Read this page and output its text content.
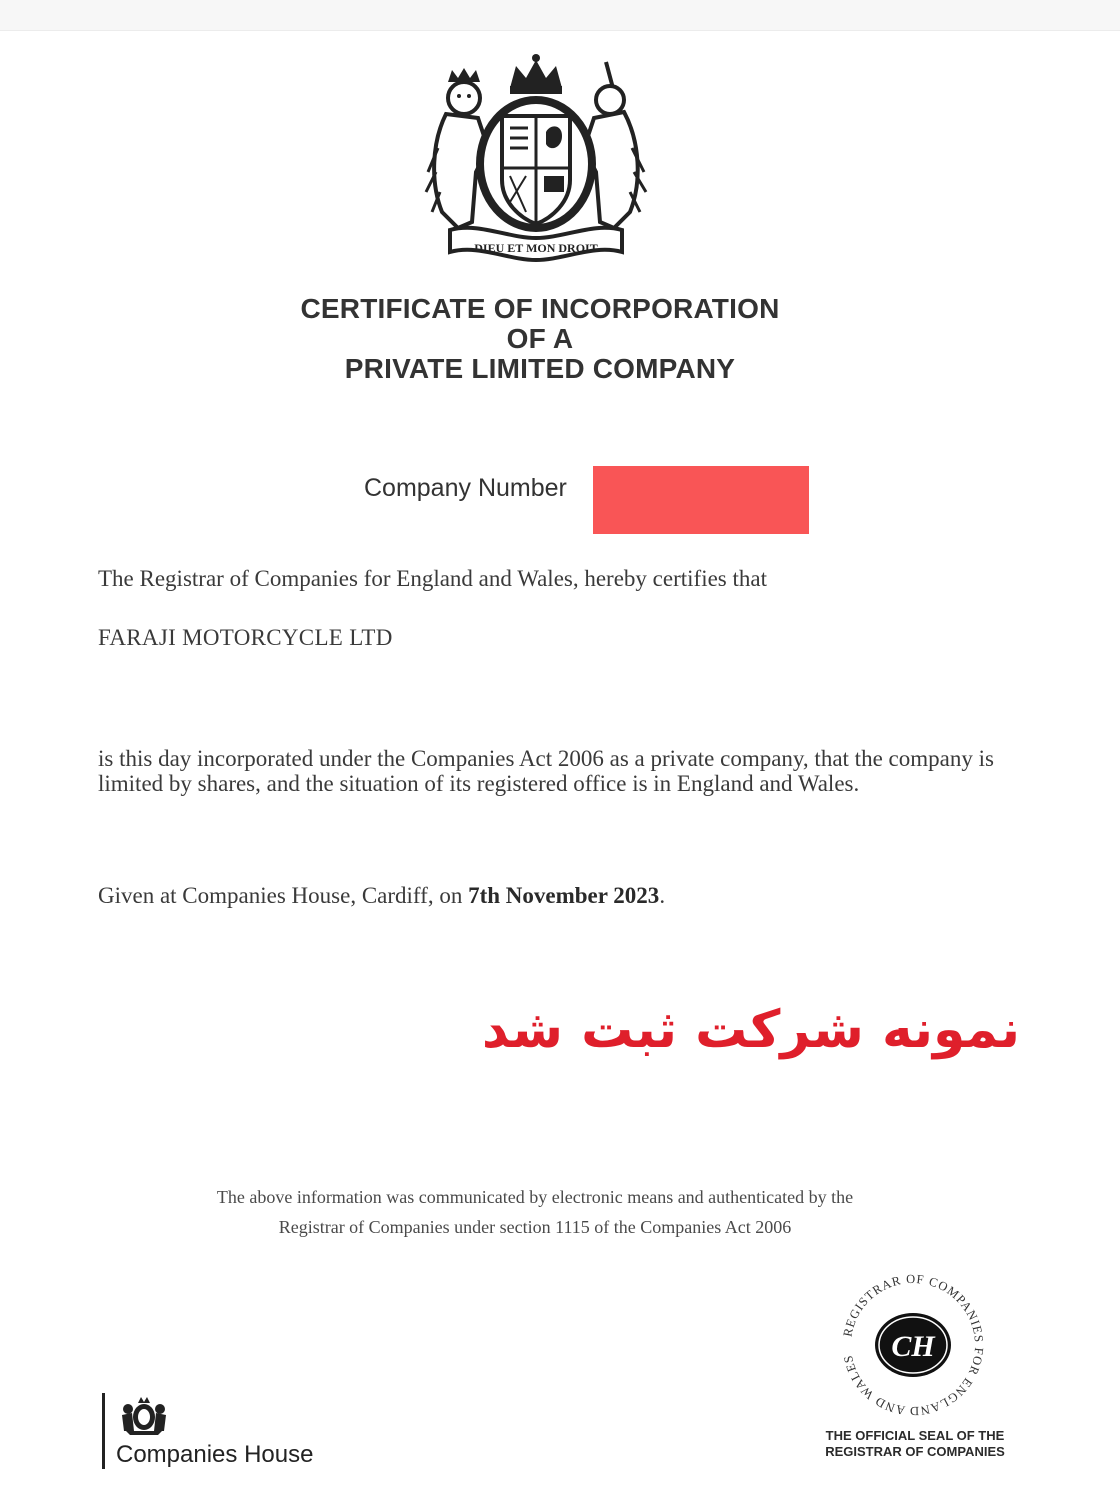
DIEU ET MON DROIT
CERTIFICATE OF INCORPORATION
OF A
PRIVATE LIMITED COMPANY
Company Number
The Registrar of Companies for England and Wales, hereby certifies that
FARAJI MOTORCYCLE LTD
is this day incorporated under the Companies Act 2006 as a private company, that the company is limited by shares, and the situation of its registered office is in England and Wales.
Given at Companies House, Cardiff, on 7th November 2023.
نمونه شرکت ثبت شد
The above information was communicated by electronic means and authenticated by the
Registrar of Companies under section 1115 of the Companies Act 2006
REGISTRAR OF COMPANIES FOR ENGLAND AND WALES	CH
THE OFFICIAL SEAL OF THE
REGISTRAR OF COMPANIES
Companies House
